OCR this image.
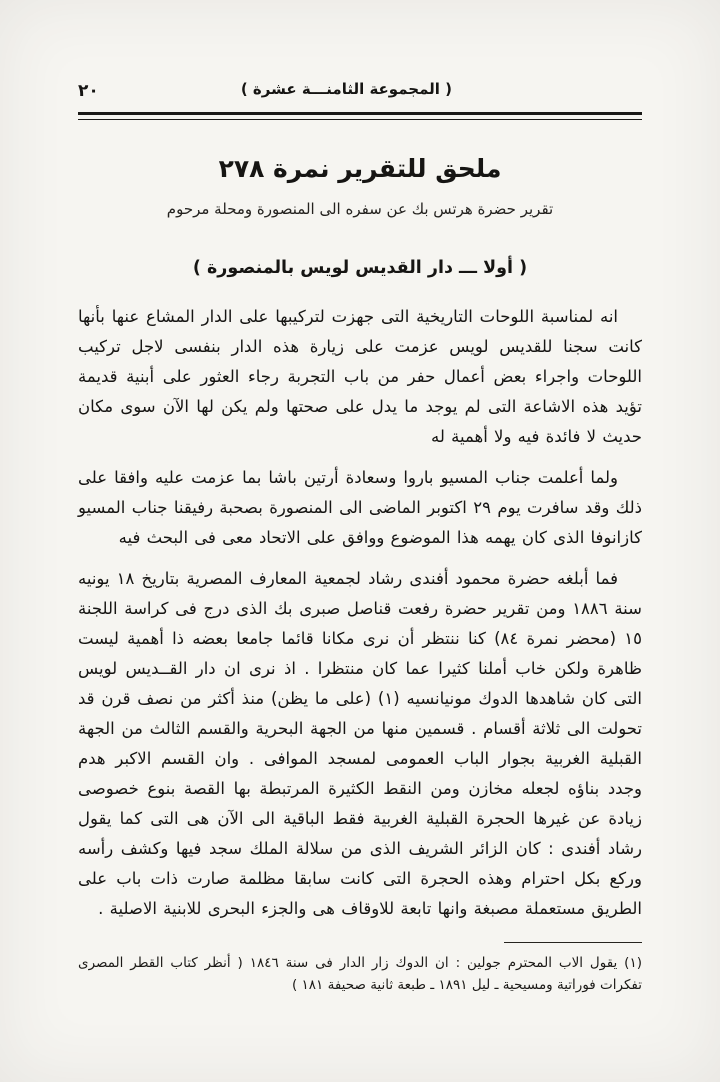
( المجموعة الثامنـــة عشرة )
٢٠
ملحق للتقرير نمرة ٢٧٨
تقرير حضرة هرتس بك عن سفره الى المنصورة ومحلة مرحوم
( أولا ـــ دار القديس لويس بالمنصورة )

انه لمناسبة اللوحات التاريخية التى جهزت لتركيبها على الدار المشاع عنها بأنها كانت سجنا للقديس لويس عزمت على زيارة هذه الدار بنفسى لاجل تركيب اللوحات واجراء بعض أعمال حفر من باب التجربة رجاء العثور على أبنية قديمة تؤيد هذه الاشاعة التى لم يوجد ما يدل على صحتها ولم يكن لها الآن سوى مكان حديث لا فائدة فيه ولا أهمية له

ولما أعلمت جناب المسيو باروا وسعادة أرتين باشا بما عزمت عليه وافقا على ذلك وقد سافرت يوم ٢٩ اكتوبر الماضى الى المنصورة بصحبة رفيقنا جناب المسيو كازانوفا الذى كان يهمه هذا الموضوع ووافق على الاتحاد معى فى البحث فيه

فما أبلغه حضرة محمود أفندى رشاد لجمعية المعارف المصرية بتاريخ ١٨ يونيه سنة ١٨٨٦ ومن تقرير حضرة رفعت قناصل صبرى بك الذى درج فى كراسة اللجنة ١٥ (محضر نمرة ٨٤) كنا ننتظر أن نرى مكانا قائما جامعا بعضه ذا أهمية ليست ظاهرة ولكن خاب أملنا كثيرا عما كان منتظرا . اذ نرى ان دار القــديس لويس التى كان شاهدها الدوك مونيانسيه (١) (على ما يظن) منذ أكثر من نصف قرن قد تحولت الى ثلاثة أقسام . قسمين منها من الجهة البحرية والقسم الثالث من الجهة القبلية الغربية بجوار الباب العمومى لمسجد الموافى . وان القسم الاكبر هدم وجدد بناؤه لجعله مخازن ومن النقط الكثيرة المرتبطة بها القصة بنوع خصوصى زيادة عن غيرها الحجرة القبلية الغربية فقط الباقية الى الآن هى التى كما يقول رشاد أفندى : كان الزائر الشريف الذى من سلالة الملك سجد فيها وكشف رأسه وركع بكل احترام وهذه الحجرة التى كانت سابقا مظلمة صارت ذات باب على الطريق مستعملة مصبغة وانها تابعة للاوقاف هى والجزء البحرى للابنية الاصلية .

(١) يقول الاب المحترم جولين : ان الدوك زار الدار فى سنة ١٨٤٦ ( أنظر كتاب القطر المصرى تفكرات فوراتية ومسيحية ـ ليل ١٨٩١ ـ طبعة ثانية صحيفة ١٨١ )
